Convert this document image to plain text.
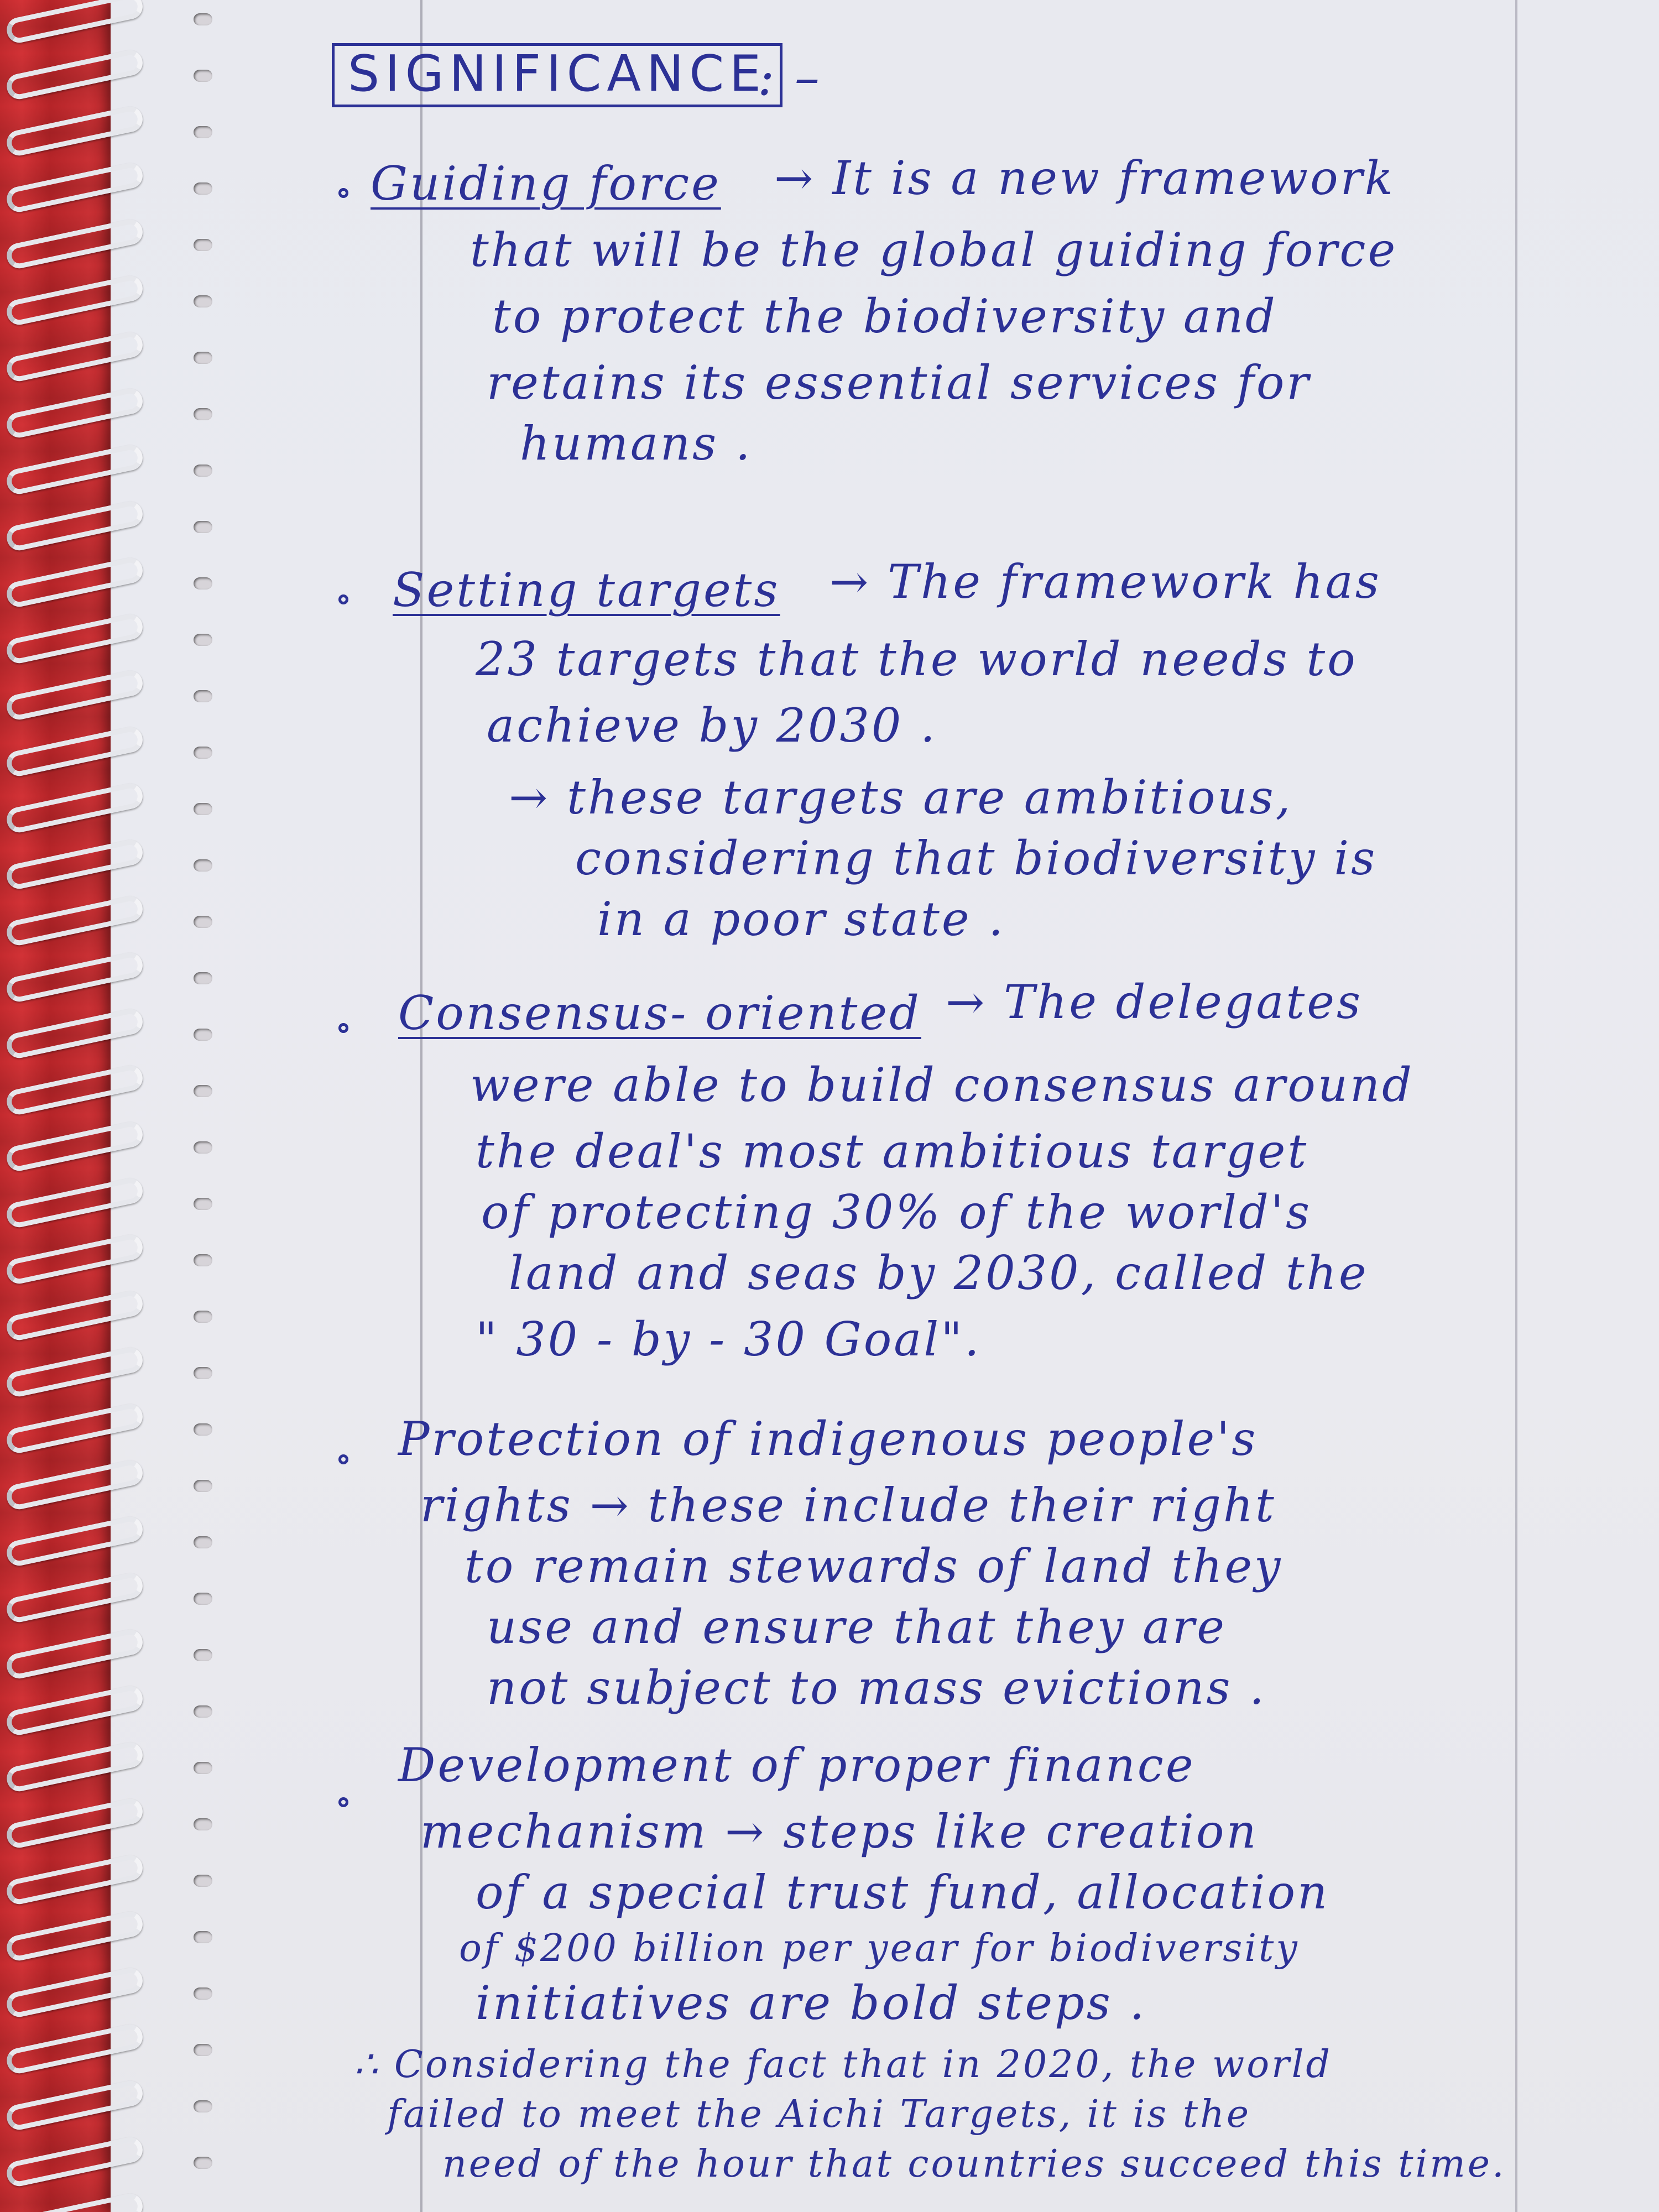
SIGNIFICANCE
: –
Guiding force → It is a new framework
that will be the global guiding force
to protect the biodiversity and
retains its essential services for
humans .
Setting targets → The framework has
23 targets that the world needs to
achieve by 2030 .
→ these targets are ambitious,
considering that biodiversity is
in a poor state .
Consensus- oriented → The delegates
were able to build consensus around
the deal's most ambitious target
of protecting 30% of the world's
land and seas by 2030, called the
" 30 - by - 30 Goal".
Protection of indigenous people's
rights → these include their right
to remain stewards of land they
use and ensure that they are
not subject to mass evictions .
Development of proper finance
mechanism → steps like creation
of a special trust fund, allocation
of $200 billion per year for biodiversity
initiatives are bold steps .
∴ Considering the fact that in 2020, the world
failed to meet the Aichi Targets, it is the
need of the hour that countries succeed this time.
